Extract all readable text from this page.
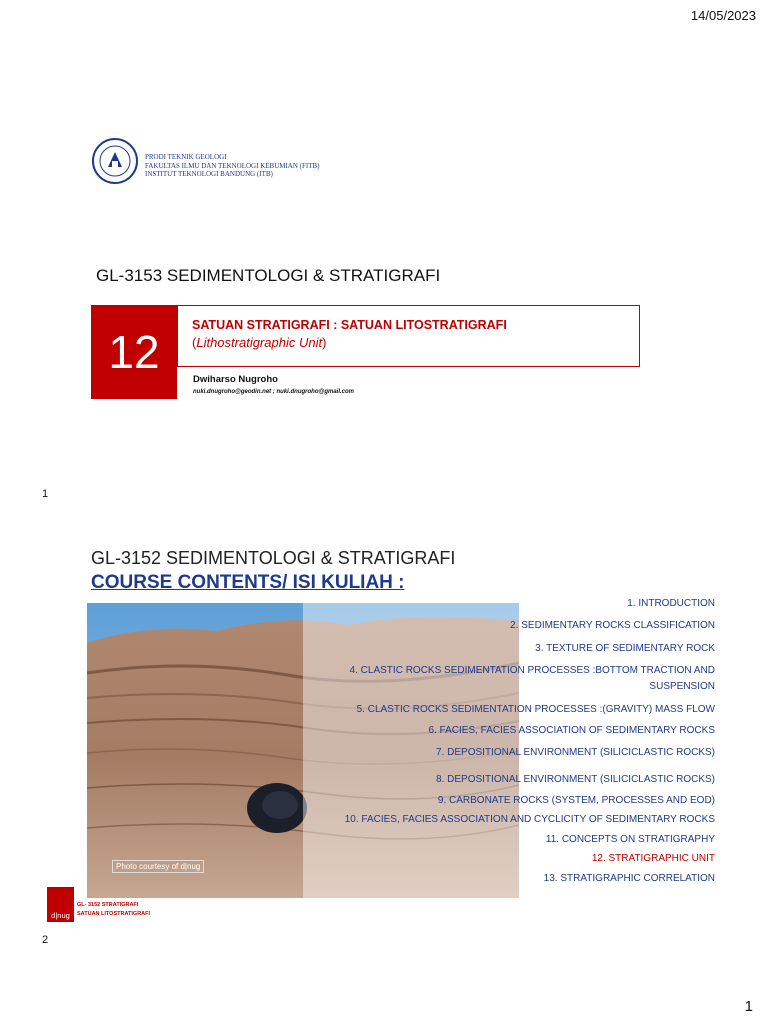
14/05/2023
PRODI TEKNIK GEOLOGI
FAKULTAS ILMU DAN TEKNOLOGI KEBUMIAN (FITB)
INSTITUT TEKNOLOGI BANDUNG (ITB)
GL-3153 SEDIMENTOLOGI & STRATIGRAFI
12
SATUAN STRATIGRAFI : SATUAN LITOSTRATIGRAFI
(Lithostratigraphic Unit)
Dwiharso Nugroho
nuki.dnugroho@geodin.net ; nuki.dnugroho@gmail.com
1
GL-3152 SEDIMENTOLOGI & STRATIGRAFI
COURSE CONTENTS/ ISI KULIAH :
Photo courtesy of d|nug
1. INTRODUCTION
2. SEDIMENTARY ROCKS CLASSIFICATION
3. TEXTURE OF SEDIMENTARY ROCK
4. CLASTIC ROCKS SEDIMENTATION PROCESSES :BOTTOM TRACTION AND
SUSPENSION
5. CLASTIC ROCKS SEDIMENTATION PROCESSES :(GRAVITY) MASS FLOW
6. FACIES, FACIES ASSOCIATION OF SEDIMENTARY ROCKS
7. DEPOSITIONAL ENVIRONMENT (SILICICLASTIC ROCKS)
8. DEPOSITIONAL ENVIRONMENT (SILICICLASTIC ROCKS)
9. CARBONATE ROCKS (SYSTEM, PROCESSES AND EOD)
10. FACIES, FACIES ASSOCIATION AND CYCLICITY OF SEDIMENTARY ROCKS
11. CONCEPTS ON STRATIGRAPHY
12. STRATIGRAPHIC UNIT
13. STRATIGRAPHIC CORRELATION
d|nug
GL- 3152 STRATIGRAFI
SATUAN LITOSTRATIGRAFI
2
1
